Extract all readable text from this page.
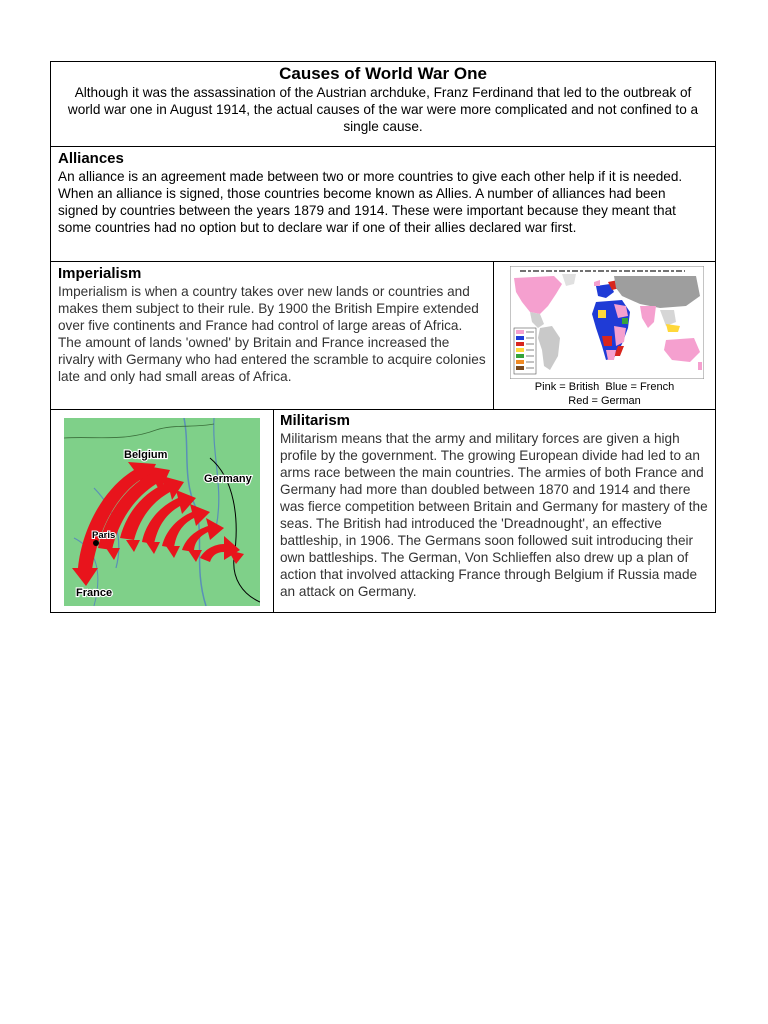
Causes of World War One

Although it was the assassination of the Austrian archduke, Franz Ferdinand that led to the outbreak of world war one in August 1914, the actual causes of the war were more complicated and not confined to a single cause.

Alliances

An alliance is an agreement made between two or more countries to give each other help if it is needed. When an alliance is signed, those countries become known as Allies. A number of alliances had been signed by countries between the years 1879 and 1914. These were important because they meant that some countries had no option but to declare war if one of their allies declared war first.

Imperialism

Imperialism is when a country takes over new lands or countries and makes them subject to their rule. By 1900 the British Empire extended over five continents and France had control of large areas of Africa. The amount of lands 'owned' by Britain and France increased the rivalry with Germany who had entered the scramble to acquire colonies late and only had small areas of Africa.

Pink = British  Blue = French
Red = German
Belgium
Germany
Paris
France
Militarism

Militarism means that the army and military forces are given a high profile by the government. The growing European divide had led to an arms race between the main countries. The armies of both France and Germany had more than doubled between 1870 and 1914 and there was fierce competition between Britain and Germany for mastery of the seas. The British had introduced the 'Dreadnought', an effective battleship, in 1906. The Germans soon followed suit introducing their own battleships. The German, Von Schlieffen also drew up a plan of action that involved attacking France through Belgium if Russia made an attack on Germany.
